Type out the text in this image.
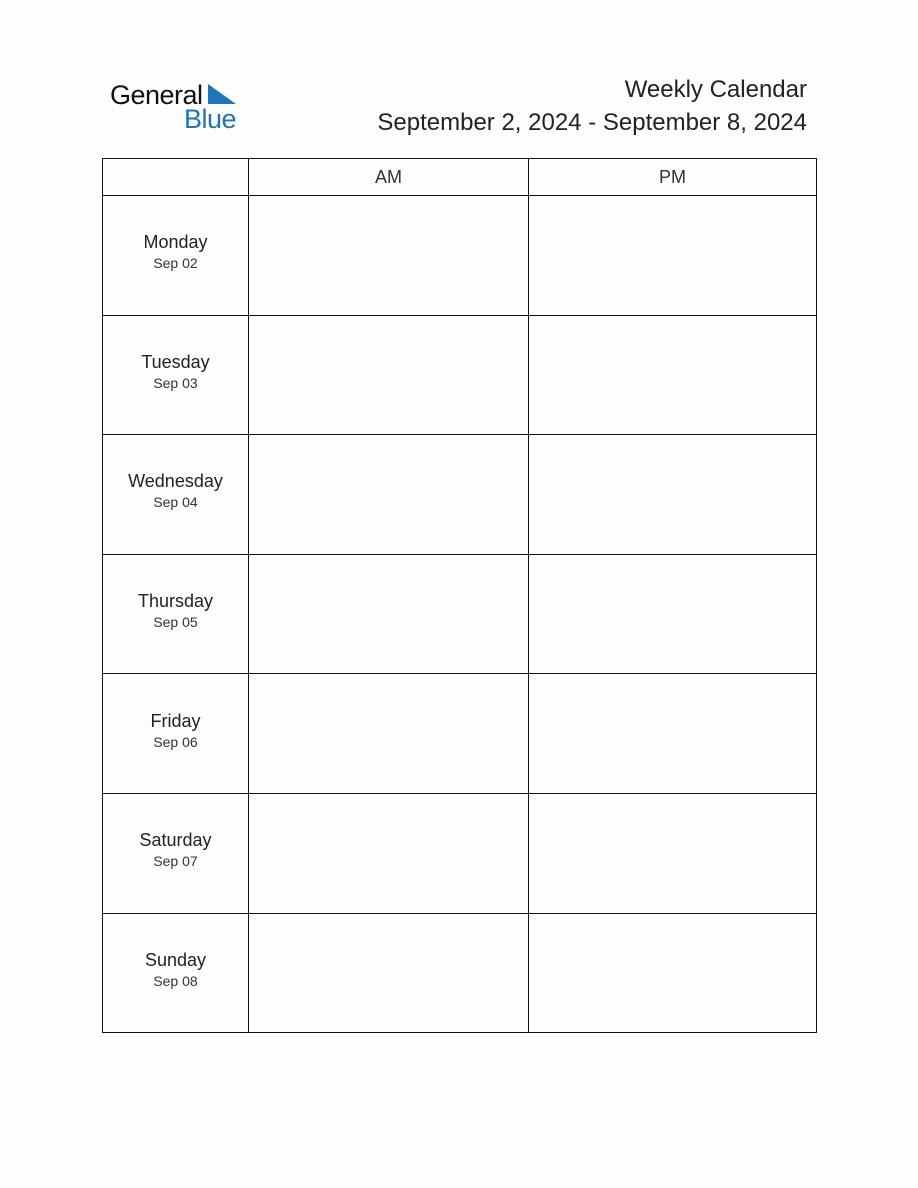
General
Blue
Weekly Calendar
September 2, 2024 - September 8, 2024
	AM	PM

Monday
Sep 02		

Tuesday
Sep 03		

Wednesday
Sep 04		

Thursday
Sep 05		

Friday
Sep 06		

Saturday
Sep 07		

Sunday
Sep 08		
